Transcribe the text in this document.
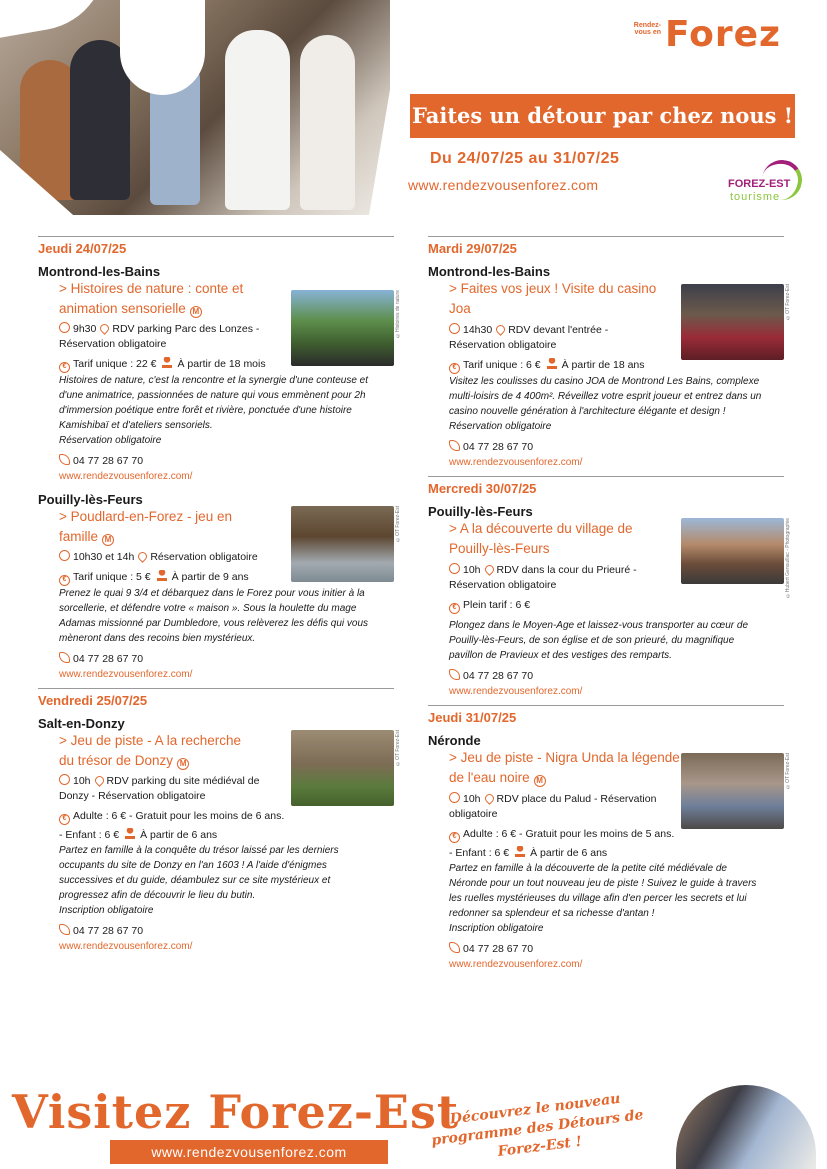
Rendez-vous en Forez
Faites un détour par chez nous !
Du 24/07/25 au 31/07/25
www.rendezvousenforez.com	FOREZ-EST
tourisme
Jeudi 24/07/25
Montrond-les-Bains
> Histoires de nature : conte et animation sensorielle M
9h30 RDV parking Parc des Lonzes - Réservation obligatoire
€ Tarif unique : 22 € À partir de 18 mois
Histoires de nature, c'est la rencontre et la synergie d'une conteuse et d'une animatrice, passionnées de nature qui vous emmènent pour 2h d'immersion poétique entre forêt et rivière, ponctuée d'une histoire Kamishibaï et d'ateliers sensoriels.
Réservation obligatoire
04 77 28 67 70
www.rendezvousenforez.com/
©Histoires de nature
Pouilly-lès-Feurs
> Poudlard-en-Forez - jeu en famille M
10h30 et 14h Réservation obligatoire
€ Tarif unique : 5 € À partir de 9 ans
Prenez le quai 9 3/4 et débarquez dans le Forez pour vous initier à la sorcellerie, et défendre votre « maison ». Sous la houlette du mage Adamas missionné par Dumbledore, vous relèverez les défis qui vous mèneront dans des recoins bien mystérieux.
04 77 28 67 70
www.rendezvousenforez.com/
©OT Forez-Est
Vendredi 25/07/25
Salt-en-Donzy
> Jeu de piste - A la recherche du trésor de Donzy M
10h RDV parking du site médiéval de Donzy - Réservation obligatoire
€ Adulte : 6 € - Gratuit pour les moins de 6 ans.
- Enfant : 6 € À partir de 6 ans
Partez en famille à la conquête du trésor laissé par les derniers occupants du site de Donzy en l'an 1603 ! A l'aide d'énigmes successives et du guide, déambulez sur ce site mystérieux et progressez afin de découvrir le lieu du butin.
Inscription obligatoire
04 77 28 67 70
www.rendezvousenforez.com/
©OT Forez-Est
Mardi 29/07/25
Montrond-les-Bains
> Faites vos jeux ! Visite du casino Joa
14h30 RDV devant l'entrée - Réservation obligatoire
€ Tarif unique : 6 € À partir de 18 ans
Visitez les coulisses du casino JOA de Montrond Les Bains, complexe multi-loisirs de 4 400m². Réveillez votre esprit joueur et entrez dans un casino nouvelle génération à l'architecture élégante et design !
Réservation obligatoire
04 77 28 67 70
www.rendezvousenforez.com/
©OT Forez-Est
Mercredi 30/07/25
Pouilly-lès-Feurs
> A la découverte du village de Pouilly-lès-Feurs
10h RDV dans la cour du Prieuré - Réservation obligatoire
€ Plein tarif : 6 €
Plongez dans le Moyen-Age et laissez-vous transporter au cœur de Pouilly-lès-Feurs, de son église et de son prieuré, du magnifique pavillon de Pravieux et des vestiges des remparts.
04 77 28 67 70
www.rendezvousenforez.com/
©Hubert Genouillac - Photographie
Jeudi 31/07/25
Néronde
> Jeu de piste - Nigra Unda la légende de l'eau noire M
10h RDV place du Palud - Réservation obligatoire
€ Adulte : 6 € - Gratuit pour les moins de 5 ans.
- Enfant : 6 € À partir de 6 ans
Partez en famille à la découverte de la petite cité médiévale de Néronde pour un tout nouveau jeu de piste ! Suivez le guide à travers les ruelles mystérieuses du village afin d'en percer les secrets et lui redonner sa splendeur et sa richesse d'antan !
Inscription obligatoire
04 77 28 67 70
www.rendezvousenforez.com/
©OT Forez-Est
Visitez Forez-Est
www.rendezvousenforez.com
Découvrez le nouveau programme des Détours de Forez-Est !
